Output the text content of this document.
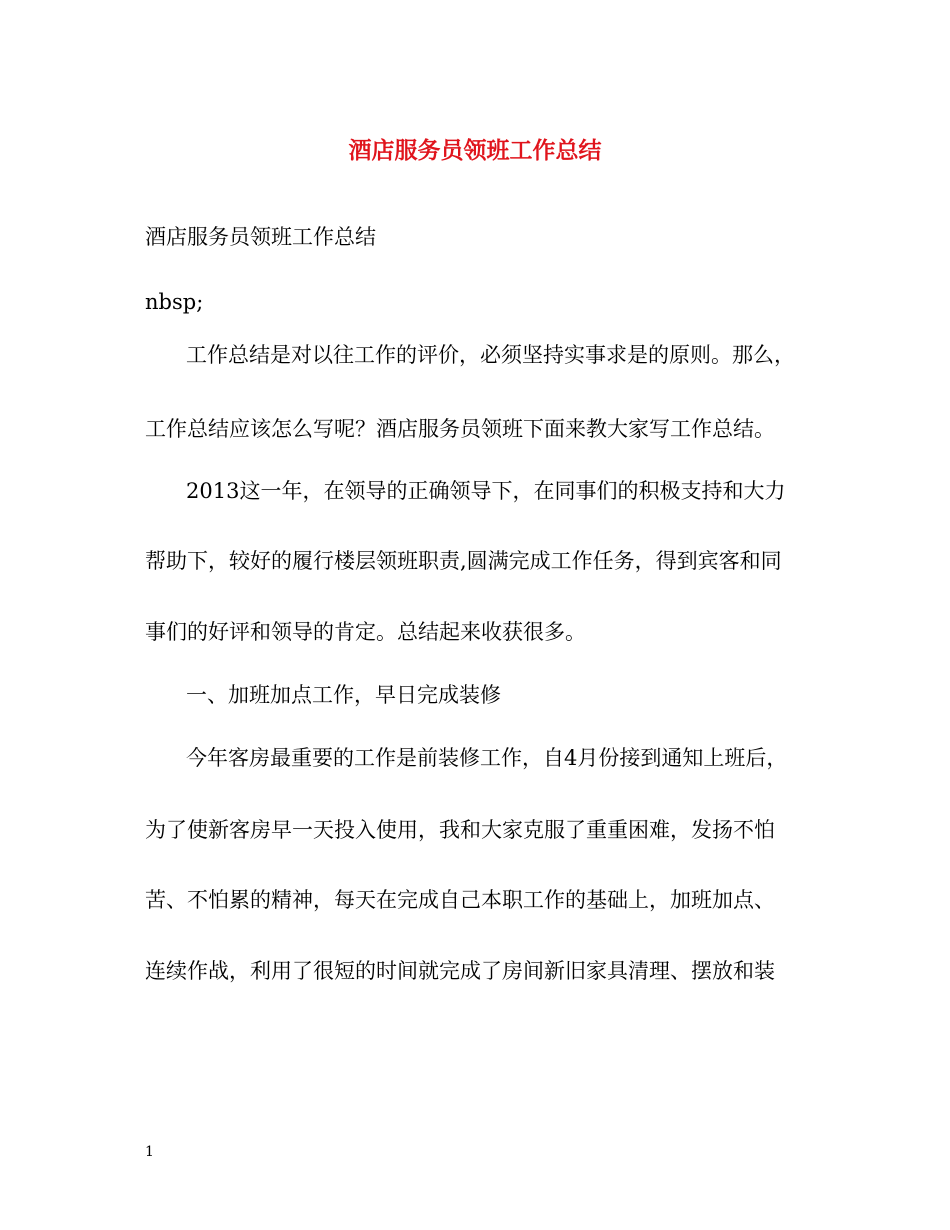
酒店服务员领班工作总结

酒店服务员领班工作总结

nbsp;

工作总结是对以往工作的评价，必须坚持实事求是的原则。那么，

工作总结应该怎么写呢？酒店服务员领班下面来教大家写工作总结。

2013这一年，在领导的正确领导下，在同事们的积极支持和大力

帮助下，较好的履行楼层领班职责,圆满完成工作任务，得到宾客和同

事们的好评和领导的肯定。总结起来收获很多。

一、加班加点工作，早日完成装修

今年客房最重要的工作是前装修工作，自4月份接到通知上班后，

为了使新客房早一天投入使用，我和大家克服了重重困难，发扬不怕

苦、不怕累的精神，每天在完成自己本职工作的基础上，加班加点、

连续作战，利用了很短的时间就完成了房间新旧家具清理、摆放和装

1
